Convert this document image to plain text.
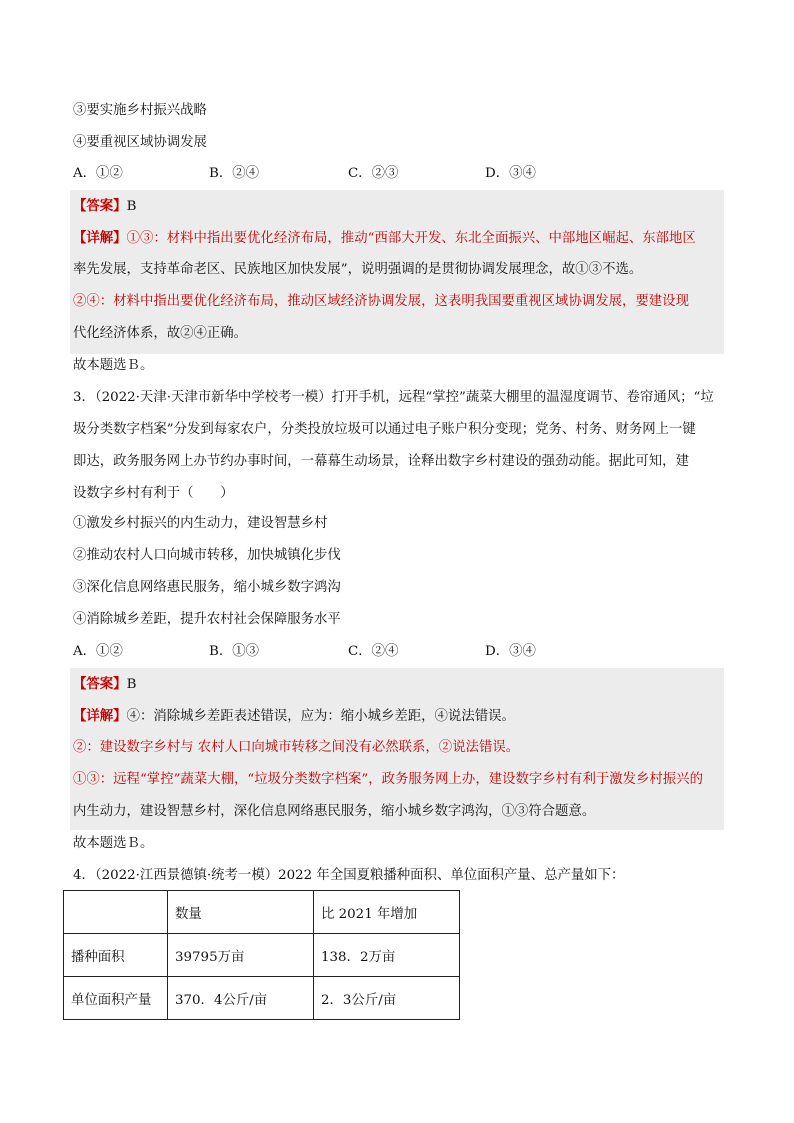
③要实施乡村振兴战略
④要重视区域协调发展
A．①②	B．②④	C．②③	D．③④
【答案】B
【详解】①③：材料中指出要优化经济布局，推动“西部大开发、东北全面振兴、中部地区崛起、东部地区
率先发展，支持革命老区、民族地区加快发展”，说明强调的是贯彻协调发展理念，故①③不选。
②④：材料中指出要优化经济布局，推动区域经济协调发展，这表明我国要重视区域协调发展，要建设现
代化经济体系，故②④正确。
故本题选Ｂ。
3．（2022·天津·天津市新华中学校考一模）打开手机，远程“掌控”蔬菜大棚里的温湿度调节、卷帘通风；“垃
圾分类数字档案”分发到每家农户，分类投放垃圾可以通过电子账户积分变现；党务、村务、财务网上一键
即达，政务服务网上办节约办事时间，一幕幕生动场景，诠释出数字乡村建设的强劲动能。据此可知，建
设数字乡村有利于（　　）
①激发乡村振兴的内生动力，建设智慧乡村
②推动农村人口向城市转移，加快城镇化步伐
③深化信息网络惠民服务，缩小城乡数字鸿沟
④消除城乡差距，提升农村社会保障服务水平
A．①②	B．①③	C．②④	D．③④
【答案】B
【详解】④：消除城乡差距表述错误，应为：缩小城乡差距，④说法错误。
②：建设数字乡村与 农村人口向城市转移之间没有必然联系，②说法错误。
①③：远程“掌控”蔬菜大棚，“垃圾分类数字档案”，政务服务网上办，建设数字乡村有利于激发乡村振兴的
内生动力，建设智慧乡村，深化信息网络惠民服务，缩小城乡数字鸿沟，①③符合题意。
故本题选Ｂ。
4．（2022·江西景德镇·统考一模）2022 年全国夏粮播种面积、单位面积产量、总产量如下：
	数量	比 2021 年增加
播种面积	39795万亩	138．2万亩
单位面积产量	370．4公斤/亩	2．3公斤/亩
